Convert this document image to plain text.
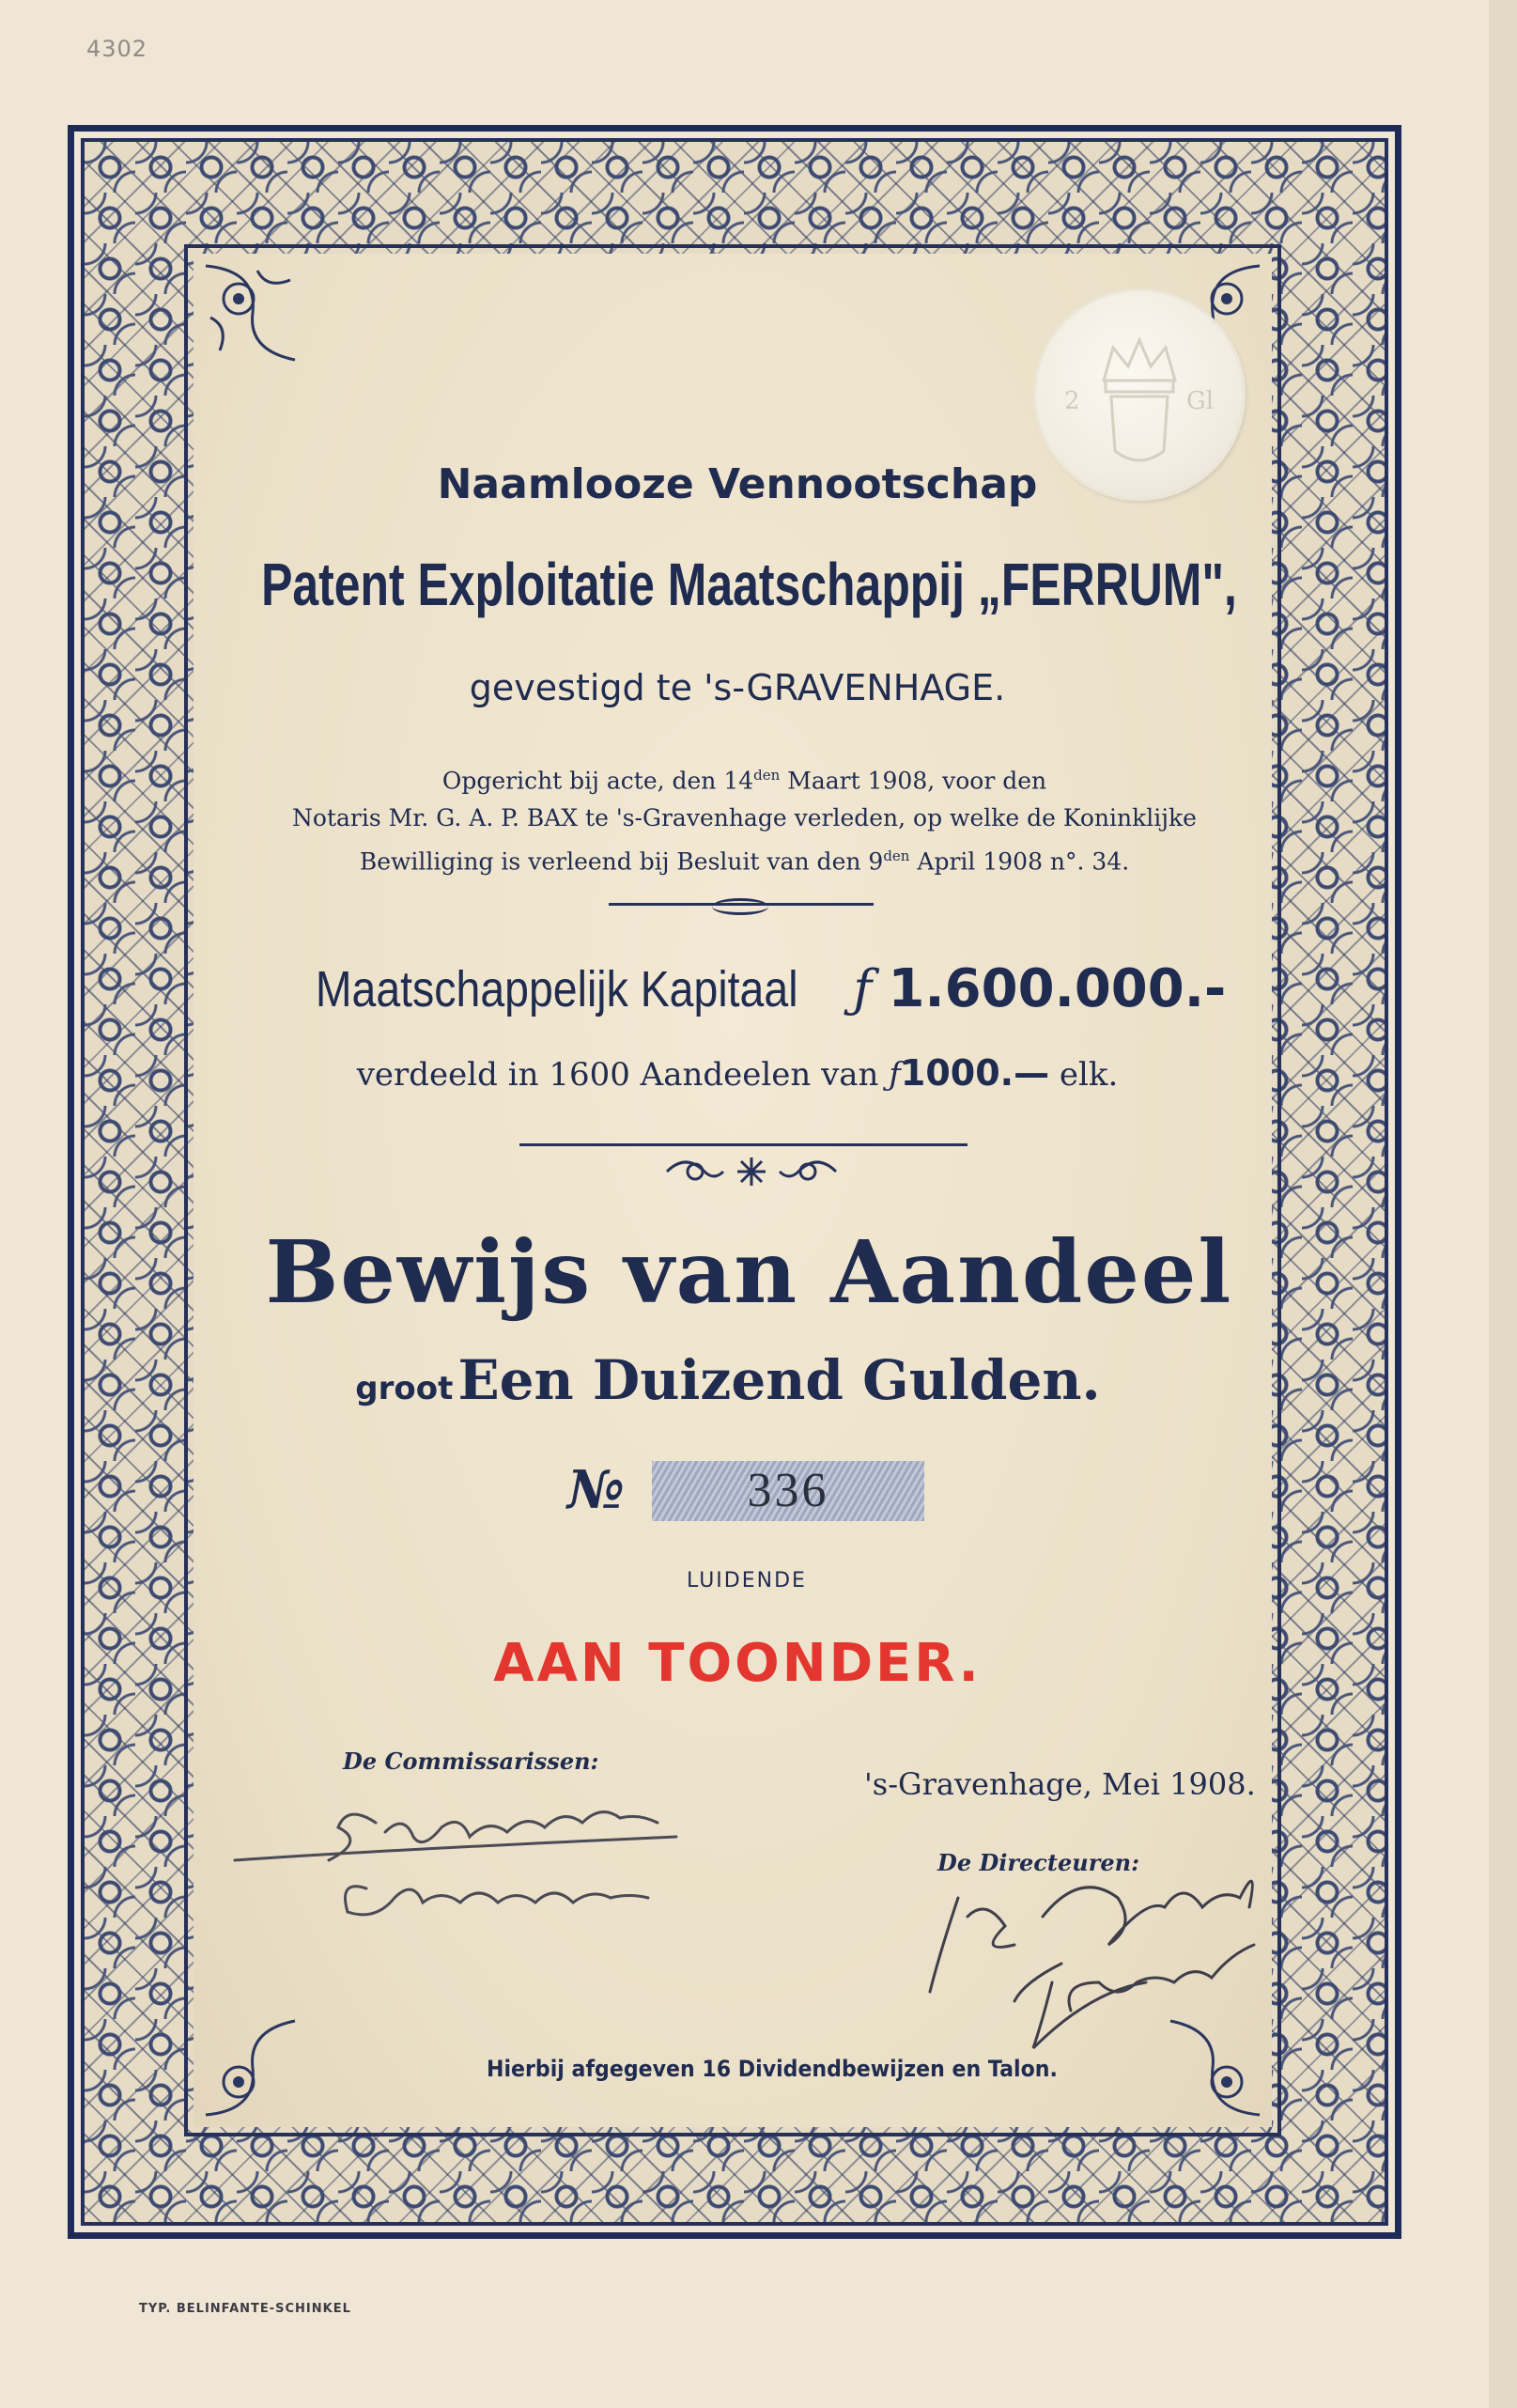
4302
2	Gl
Naamlooze Vennootschap
Patent Exploitatie Maatschappij „FERRUM",
gevestigd te 's-GRAVENHAGE.
Opgericht bij acte, den $14^{den}$ Maart 1908, voor den
Notaris Mr. G. A. P. BAX te 's-Gravenhage verleden, op welke de Koninklijke
Bewilliging is verleend bij Besluit van den $9^{den}$ April 1908 n°. 34.
Maatschappelijk Kapitaal ƒ 1.600.000.-
verdeeld in 1600 Aandeelen van ƒ1000.— elk.
Bewijs van Aandeel
groot Een Duizend Gulden.
№	336
LUIDENDE
AAN TOONDER.
De Commissarissen:
's-Gravenhage, Mei 1908.
De Directeuren:
Hierbij afgegeven 16 Dividendbewijzen en Talon.
TYP. BELINFANTE-SCHINKEL
